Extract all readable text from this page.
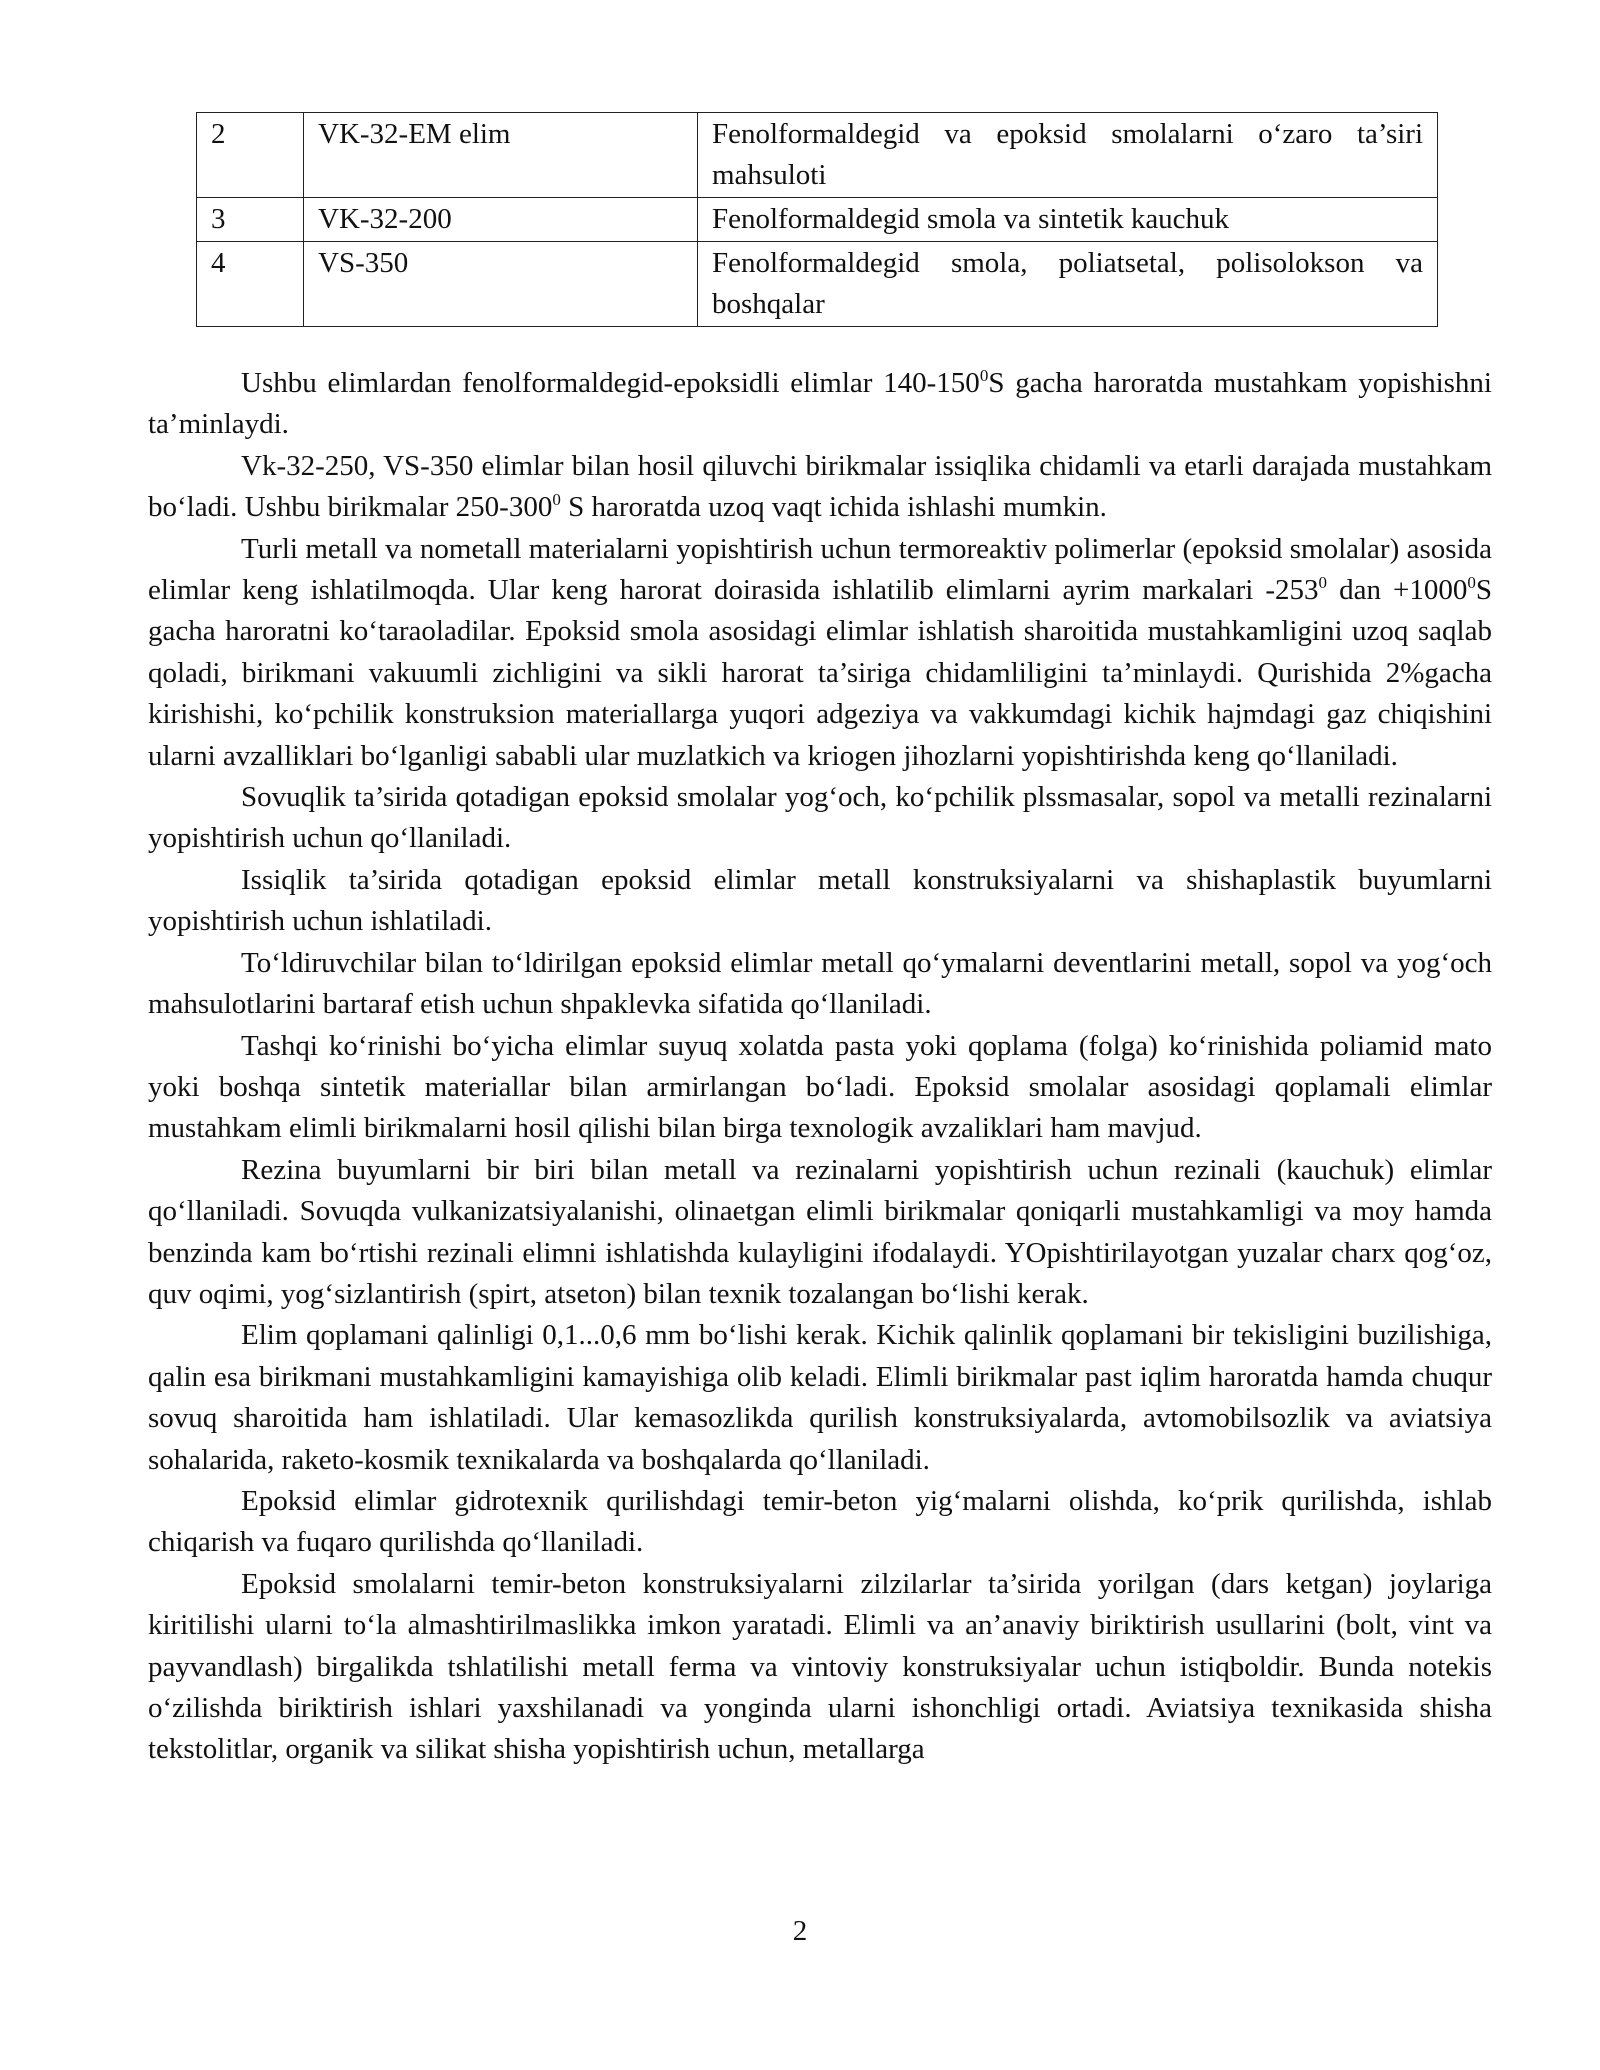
2	VK-32-EM elim	Fenolformaldegid va epoksid smolalarni o‘zaro ta’siri mahsuloti
3	VK-32-200	Fenolformaldegid smola va sintetik kauchuk
4	VS-350	Fenolformaldegid smola, poliatsetal, polisolokson va boshqalar

Ushbu elimlardan fenolformaldegid-epoksidli elimlar $140-150^0S$ gacha haroratda mustahkam yopishishni ta’minlaydi.

Vk-32-250, VS-350 elimlar bilan hosil qiluvchi birikmalar issiqlika chidamli va etarli darajada mustahkam bo‘ladi. Ushbu birikmalar $250-300^0$ S haroratda uzoq vaqt ichida ishlashi mumkin.

Turli metall va nometall materialarni yopishtirish uchun termoreaktiv polimerlar (epoksid smolalar) asosida elimlar keng ishlatilmoqda. Ular keng harorat doirasida ishlatilib elimlarni ayrim markalari $-253^0$ dan $+1000^0S$ gacha haroratni ko‘taraoladilar. Epoksid smola asosidagi elimlar ishlatish sharoitida mustahkamligini uzoq saqlab qoladi, birikmani vakuumli zichligini va sikli harorat ta’siriga chidamliligini ta’minlaydi. Qurishida 2%gacha kirishishi, ko‘pchilik konstruksion materiallarga yuqori adgeziya va vakkumdagi kichik hajmdagi gaz chiqishini ularni avzalliklari bo‘lganligi sababli ular muzlatkich va kriogen jihozlarni yopishtirishda keng qo‘llaniladi.

Sovuqlik ta’sirida qotadigan epoksid smolalar yog‘och, ko‘pchilik plssmasalar, sopol va metalli rezinalarni yopishtirish uchun qo‘llaniladi.

Issiqlik ta’sirida qotadigan epoksid elimlar metall konstruksiyalarni va shishaplastik buyumlarni yopishtirish uchun ishlatiladi.

To‘ldiruvchilar bilan to‘ldirilgan epoksid elimlar metall qo‘ymalarni deventlarini metall, sopol va yog‘och mahsulotlarini bartaraf etish uchun shpaklevka sifatida qo‘llaniladi.

Tashqi ko‘rinishi bo‘yicha elimlar suyuq xolatda pasta yoki qoplama (folga) ko‘rinishida poliamid mato yoki boshqa sintetik materiallar bilan armirlangan bo‘ladi. Epoksid smolalar asosidagi qoplamali elimlar mustahkam elimli birikmalarni hosil qilishi bilan birga texnologik avzaliklari ham mavjud.

Rezina buyumlarni bir biri bilan metall va rezinalarni yopishtirish uchun rezinali (kauchuk) elimlar qo‘llaniladi. Sovuqda vulkanizatsiyalanishi, olinaetgan elimli birikmalar qoniqarli mustahkamligi va moy hamda benzinda kam bo‘rtishi rezinali elimni ishlatishda kulayligini ifodalaydi. YOpishtirilayotgan yuzalar charx qog‘oz, quv oqimi, yog‘sizlantirish (spirt, atseton) bilan texnik tozalangan bo‘lishi kerak.

Elim qoplamani qalinligi 0,1...0,6 mm bo‘lishi kerak. Kichik qalinlik qoplamani bir tekisligini buzilishiga, qalin esa birikmani mustahkamligini kamayishiga olib keladi. Elimli birikmalar past iqlim haroratda hamda chuqur sovuq sharoitida ham ishlatiladi. Ular kemasozlikda qurilish konstruksiyalarda, avtomobilsozlik va aviatsiya sohalarida, raketo-kosmik texnikalarda va boshqalarda qo‘llaniladi.

Epoksid elimlar gidrotexnik qurilishdagi temir-beton yig‘malarni olishda, ko‘prik qurilishda, ishlab chiqarish va fuqaro qurilishda qo‘llaniladi.

Epoksid smolalarni temir-beton konstruksiyalarni zilzilarlar ta’sirida yorilgan (dars ketgan) joylariga kiritilishi ularni to‘la almashtirilmaslikka imkon yaratadi. Elimli va an’anaviy biriktirish usullarini (bolt, vint va payvandlash) birgalikda tshlatilishi metall ferma va vintoviy konstruksiyalar uchun istiqboldir. Bunda notekis o‘zilishda biriktirish ishlari yaxshilanadi va yonginda ularni ishonchligi ortadi. Aviatsiya texnikasida shisha tekstolitlar, organik va silikat shisha yopishtirish uchun, metallarga

2
